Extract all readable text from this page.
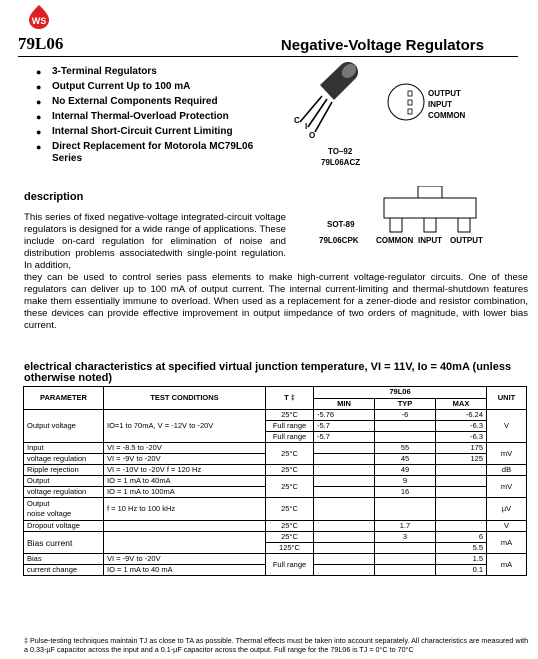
WS
79L06	Negative-Voltage Regulators
● 3-Terminal Regulators
● Output Current Up to 100 mA
● No External Components Required
● Internal Thermal-Overload Protection
● Internal Short-Circuit Current Limiting
● Direct Replacement for Motorola MC79L06 Series
C
I
O
TO–92
79L06ACZ
OUTPUT
INPUT
COMMON
SOT-89
79L06CPK COMMON INPUT OUTPUT
description
This series of fixed negative-voltage integrated-circuit voltage regulators is designed for a wide range of applications. These include on-card regulation for elimination of noise and distribution problems associatedwith single-point regulation. In addition,
they can be used to control series pass elements to make high-current voltage-regulator circuits. One of these regulators can deliver up to 100 mA of output current. The internal current-limiting and thermal-shutdown features make them essentially immune to overload. When used as a replacement for a zener-diode and resistor combination, these devices can provide effective improvement in output iimpedance of two orders of magnitude, with lower bias current.
electrical characteristics at specified virtual junction temperature, VI = 11V, Io = 40mA (unless otherwise noted)
PARAMETER	TEST CONDITIONS	T ‡	79L06			UNIT
			MIN	TYP	MAX	
Output voltage	IO=1 to 70mA, V = -12V to -20V	25°C	-5.76	-6	-6.24	V
		Full range	-5.7		-6.3	
		Full range	-5.7		-6.3	
Input	VI = -8.5 to -20V	25°C		55	175	mV
voltage regulation	VI = -9V to -20V			45	125	
Ripple rejection	VI = -10V to -20V f = 120 Hz	25°C		49		dB
Output	IO = 1 mA to 40mA	25°C		9		mV
voltage regulation	IO = 1 mA to 100mA			16		
Output
noise voltage	f = 10 Hz to 100 kHz	25°C				µV
Dropout voltage		25°C		1.7		V
Bias current		25°C		3	6	mA
		125°C			5.5	
Bias	VI = -9V to -20V	Full range			1.5	mA
current change	IO = 1 mA to 40 mA				0.1	
‡ Pulse-testing techniques maintain TJ as close to TA as possible. Thermal effects must be taken into account separately. All characteristics are measured with a 0.33-µF capacitor across the input and a 0.1-µF capacitor across the output. Full range for the 79L06 is TJ = 0°C to 70°C
